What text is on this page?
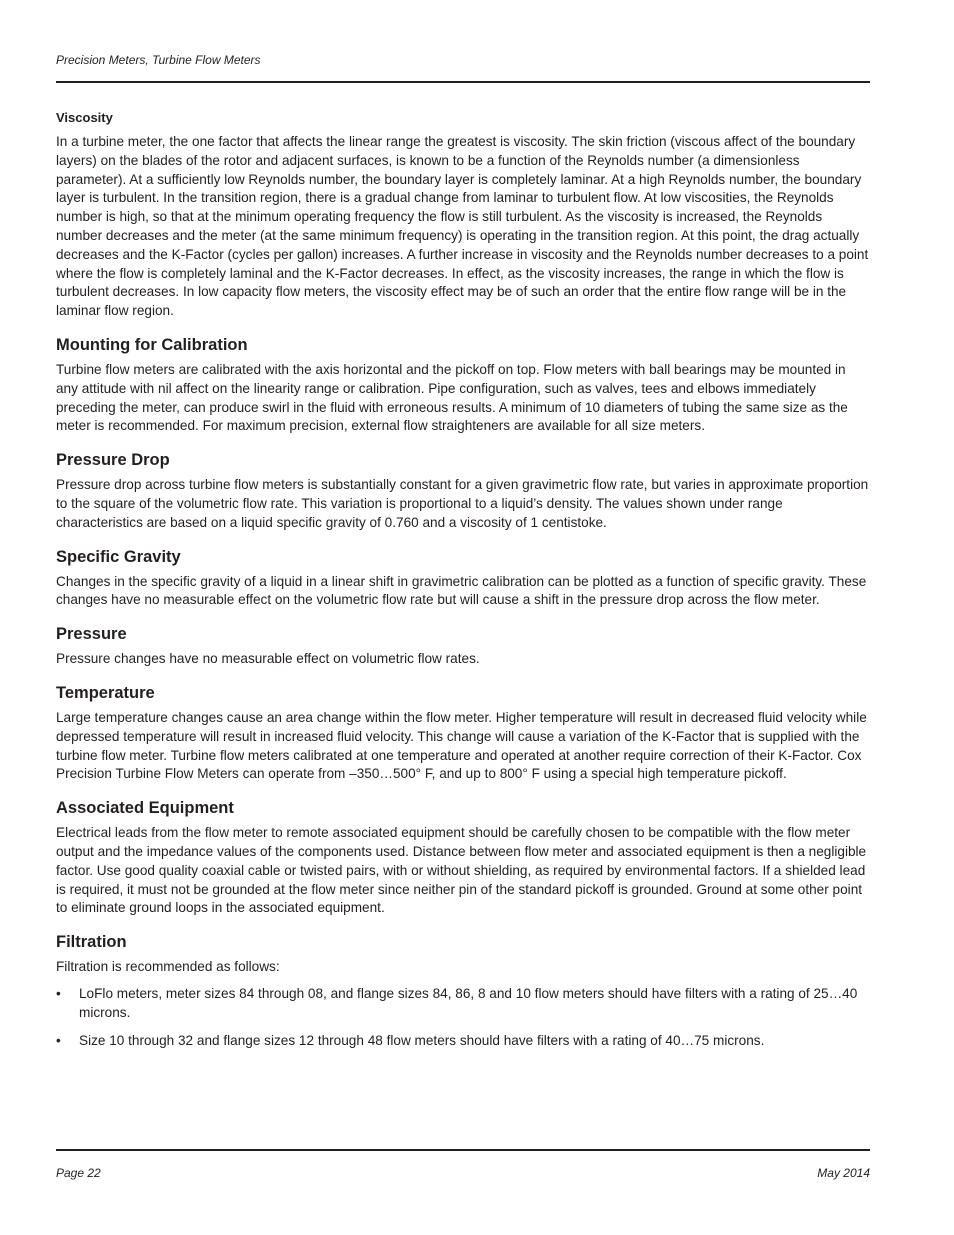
Precision Meters, Turbine Flow Meters
Viscosity

In a turbine meter, the one factor that affects the linear range the greatest is viscosity. The skin friction (viscous affect of the boundary layers) on the blades of the rotor and adjacent surfaces, is known to be a function of the Reynolds number (a dimensionless parameter). At a sufficiently low Reynolds number, the boundary layer is completely laminar. At a high Reynolds number, the boundary layer is turbulent. In the transition region, there is a gradual change from laminar to turbulent flow. At low viscosities, the Reynolds number is high, so that at the minimum operating frequency the flow is still turbulent. As the viscosity is increased, the Reynolds number decreases and the meter (at the same minimum frequency) is operating in the transition region. At this point, the drag actually decreases and the K-Factor (cycles per gallon) increases. A further increase in viscosity and the Reynolds number decreases to a point where the flow is completely laminal and the K-Factor decreases. In effect, as the viscosity increases, the range in which the flow is turbulent decreases. In low capacity flow meters, the viscosity effect may be of such an order that the entire flow range will be in the laminar flow region.

Mounting for Calibration

Turbine flow meters are calibrated with the axis horizontal and the pickoff on top. Flow meters with ball bearings may be mounted in any attitude with nil affect on the linearity range or calibration. Pipe configuration, such as valves, tees and elbows immediately preceding the meter, can produce swirl in the fluid with erroneous results. A minimum of 10 diameters of tubing the same size as the meter is recommended. For maximum precision, external flow straighteners are available for all size meters.

Pressure Drop

Pressure drop across turbine flow meters is substantially constant for a given gravimetric flow rate, but varies in approximate proportion to the square of the volumetric flow rate. This variation is proportional to a liquid’s density. The values shown under range characteristics are based on a liquid specific gravity of 0.760 and a viscosity of 1 centistoke.

Specific Gravity

Changes in the specific gravity of a liquid in a linear shift in gravimetric calibration can be plotted as a function of specific gravity. These changes have no measurable effect on the volumetric flow rate but will cause a shift in the pressure drop across the flow meter.

Pressure

Pressure changes have no measurable effect on volumetric flow rates.

Temperature

Large temperature changes cause an area change within the flow meter. Higher temperature will result in decreased fluid velocity while depressed temperature will result in increased fluid velocity. This change will cause a variation of the K-Factor that is supplied with the turbine flow meter. Turbine flow meters calibrated at one temperature and operated at another require correction of their K-Factor. Cox Precision Turbine Flow Meters can operate from –350…500° F, and up to 800° F using a special high temperature pickoff.

Associated Equipment

Electrical leads from the flow meter to remote associated equipment should be carefully chosen to be compatible with the flow meter output and the impedance values of the components used. Distance between flow meter and associated equipment is then a negligible factor. Use good quality coaxial cable or twisted pairs, with or without shielding, as required by environmental factors. If a shielded lead is required, it must not be grounded at the flow meter since neither pin of the standard pickoff is grounded. Ground at some other point to eliminate ground loops in the associated equipment.

Filtration

Filtration is recommended as follows:

• LoFlo meters, meter sizes 84 through 08, and flange sizes 84, 86, 8 and 10 flow meters should have filters with a rating of 25…40 microns.
• Size 10 through 32 and flange sizes 12 through 48 flow meters should have filters with a rating of 40…75 microns.
Page 22	May 2014
